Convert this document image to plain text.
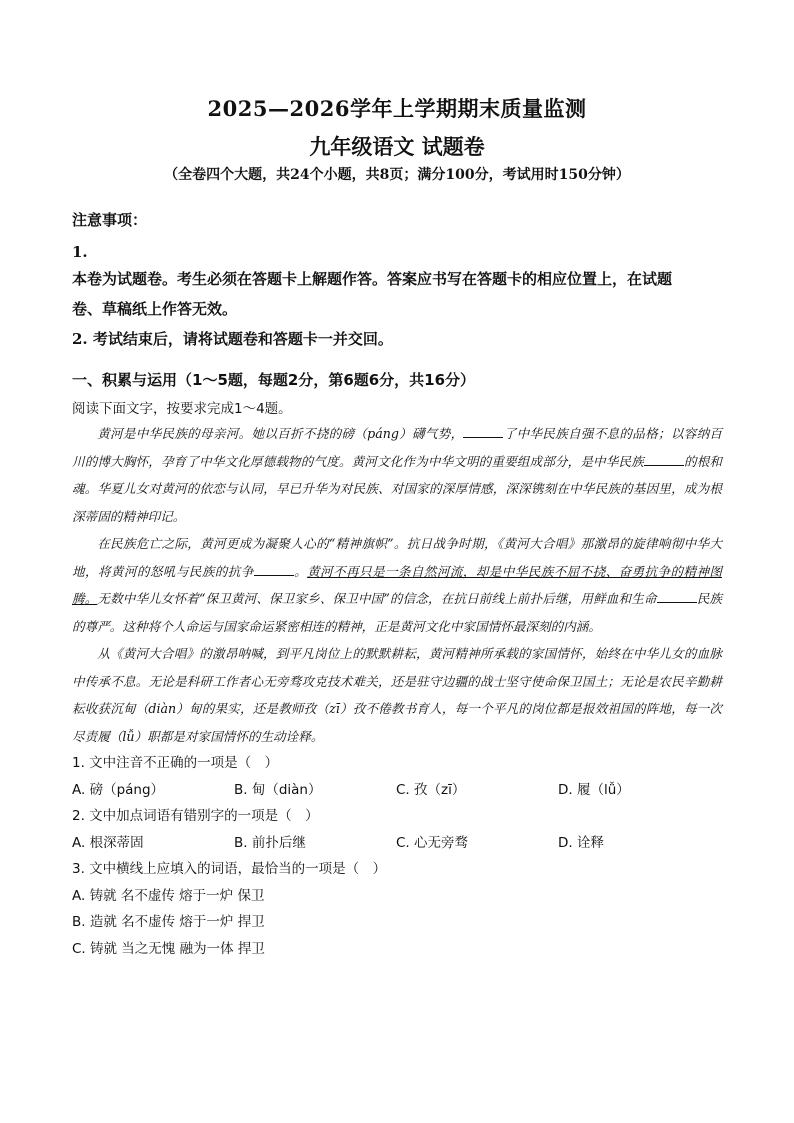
2025—2026学年上学期期末质量监测
九年级语文 试题卷
（全卷四个大题，共24个小题，共8页；满分100分，考试用时150分钟）
注意事项：
1.
本卷为试题卷。考生必须在答题卡上解题作答。答案应书写在答题卡的相应位置上，在试题
卷、草稿纸上作答无效。
2. 考试结束后，请将试题卷和答题卡一并交回。
一、积累与运用（1～5题，每题2分，第6题6分，共16分）
阅读下面文字，按要求完成1～4题。

黄河是中华民族的母亲河。她以百折不挠的磅（páng）礴气势，	了中华民族自强不息的品格；以容纳百川的博大胸怀，孕育了中华文化厚德载物的气度。黄河文化作为中华文明的重要组成部分，是中华民族	的根和魂。华夏儿女对黄河的依恋与认同，早已升华为对民族、对国家的深厚情感，深深镌刻在中华民族的基因里，成为根深蒂固的精神印记。

在民族危亡之际，黄河更成为凝聚人心的“精神旗帜”。抗日战争时期，《黄河大合唱》那激昂的旋律响彻中华大地，将黄河的怒吼与民族的抗争	。黄河不再只是一条自然河流，却是中华民族不屈不挠、奋勇抗争的精神图腾。无数中华儿女怀着“保卫黄河、保卫家乡、保卫中国”的信念，在抗日前线上前扑后继，用鲜血和生命	民族的尊严。这种将个人命运与国家命运紧密相连的精神，正是黄河文化中家国情怀最深刻的内涵。

从《黄河大合唱》的激昂呐喊，到平凡岗位上的默默耕耘，黄河精神所承载的家国情怀，始终在中华儿女的血脉中传承不息。无论是科研工作者心无旁骛攻克技术难关，还是驻守边疆的战士坚守使命保卫国土；无论是农民辛勤耕耘收获沉甸（diàn）甸的果实，还是教师孜（zī）孜不倦教书育人，每一个平凡的岗位都是报效祖国的阵地，每一次尽责履（lǚ）职都是对家国情怀的生动诠释。

1. 文中注音不正确的一项是（　）
A. 磅（páng）	B. 甸（diàn）	C. 孜（zī）	D. 履（lǚ）
2. 文中加点词语有错别字的一项是（　）
A. 根深蒂固	B. 前扑后继	C. 心无旁骛	D. 诠释
3. 文中横线上应填入的词语，最恰当的一项是（　）
A. 铸就 名不虚传 熔于一炉 保卫
B. 造就 名不虚传 熔于一炉 捍卫
C. 铸就 当之无愧 融为一体 捍卫
